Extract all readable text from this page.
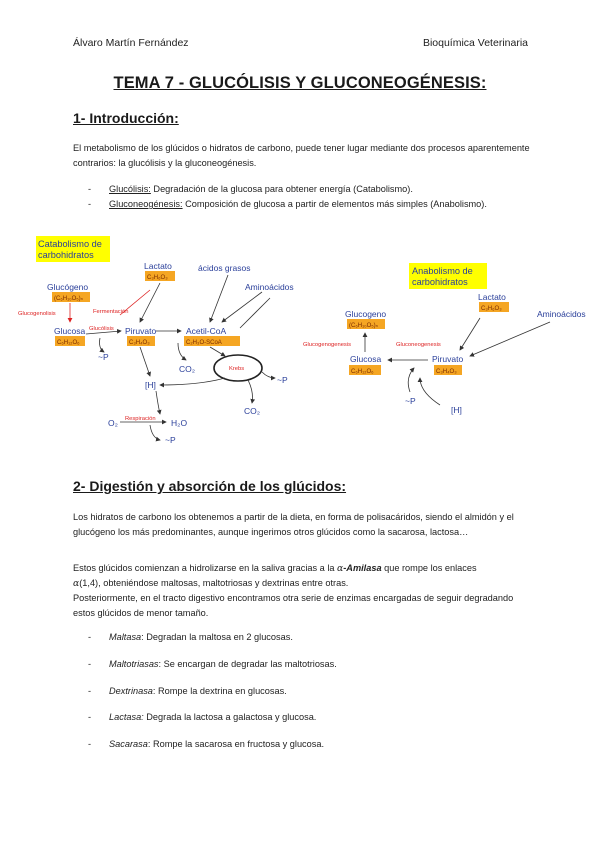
Álvaro Martín Fernández	Bioquímica Veterinaria
TEMA 7 - GLUCÓLISIS Y GLUCONEOGÉNESIS:
1- Introducción:

El metabolismo de los glúcidos o hidratos de carbono, puede tener lugar mediante dos procesos aparentemente contrarios: la glucólisis y la gluconeogénesis.

- Glucólisis: Degradación de la glucosa para obtener energía (Catabolismo).
- Gluconeogénesis: Composición de glucosa a partir de elementos más simples (Anabolismo).
Catabolismo de
carbohidratos
Lactato
C₃H₆O₃
ácidos grasos
Aminoácidos
Glucógeno
(C₆H₁₀O₅)ₙ
Glucogenolisis	Fermentación
Glucosa
C₆H₁₂O₆
Glucólisis Piruvato
C₃H₄O₃
Acetil-CoA
C₂H₃O-SCoA
Krebs
~P
[H]
CO₂
CO₂
~P
O₂ Respiración H₂O
~P
Anabolismo de
carbohidratos
Lactato
C₃H₆O₃	Aminoácidos
Glucogeno
(C₆H₁₀O₅)ₙ
Glucogenogenesis	Gluconeogenesis
Glucosa
C₆H₁₂O₆
Piruvato
C₃H₄O₃
~P
[H]
2- Digestión y absorción de los glúcidos:

Los hidratos de carbono los obtenemos a partir de la dieta, en forma de polisacáridos, siendo el almidón y el glucógeno los más predominantes, aunque ingerimos otros glúcidos como la sacarosa, lactosa…

Estos glúcidos comienzan a hidrolizarse en la saliva gracias a la α-Amilasa que rompe los enlaces
α(1,4), obteniéndose maltosas, maltotriosas y dextrinas entre otras.

Posteriormente, en el tracto digestivo encontramos otra serie de enzimas encargadas de seguir degradando estos glúcidos de menor tamaño.

- Maltasa: Degradan la maltosa en 2 glucosas.
- Maltotriasas: Se encargan de degradar las maltotriosas.
- Dextrinasa: Rompe la dextrina en glucosas.
- Lactasa: Degrada la lactosa a galactosa y glucosa.
- Sacarasa: Rompe la sacarosa en fructosa y glucosa.
